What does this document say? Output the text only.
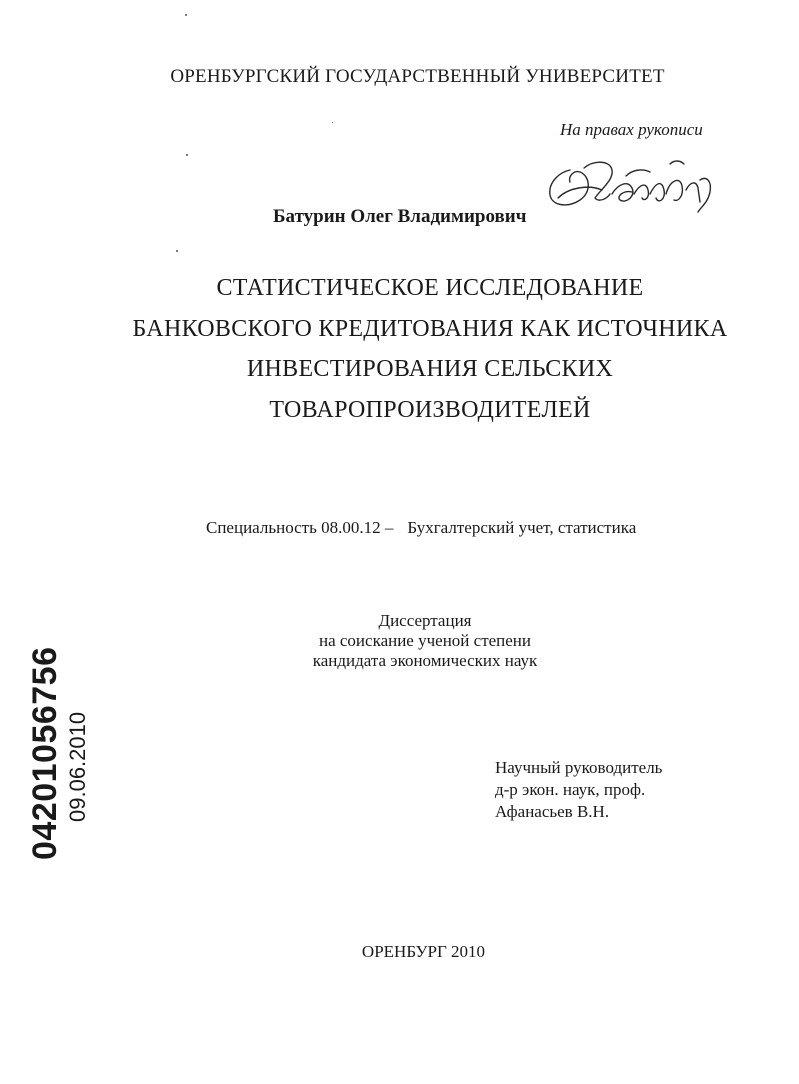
ОРЕНБУРГСКИЙ ГОСУДАРСТВЕННЫЙ УНИВЕРСИТЕТ
На правах рукописи
Батурин Олег Владимирович
СТАТИСТИЧЕСКОЕ ИССЛЕДОВАНИЕ
БАНКОВСКОГО КРЕДИТОВАНИЯ КАК ИСТОЧНИКА
ИНВЕСТИРОВАНИЯ СЕЛЬСКИХ
ТОВАРОПРОИЗВОДИТЕЛЕЙ
Специальность 08.00.12 – Бухгалтерский учет, статистика
Диссертация
на соискание ученой степени
кандидата экономических наук
Научный руководитель
д-р экон. наук, проф.
Афанасьев В.Н.
ОРЕНБУРГ 2010
04201056756 09.06.2010
